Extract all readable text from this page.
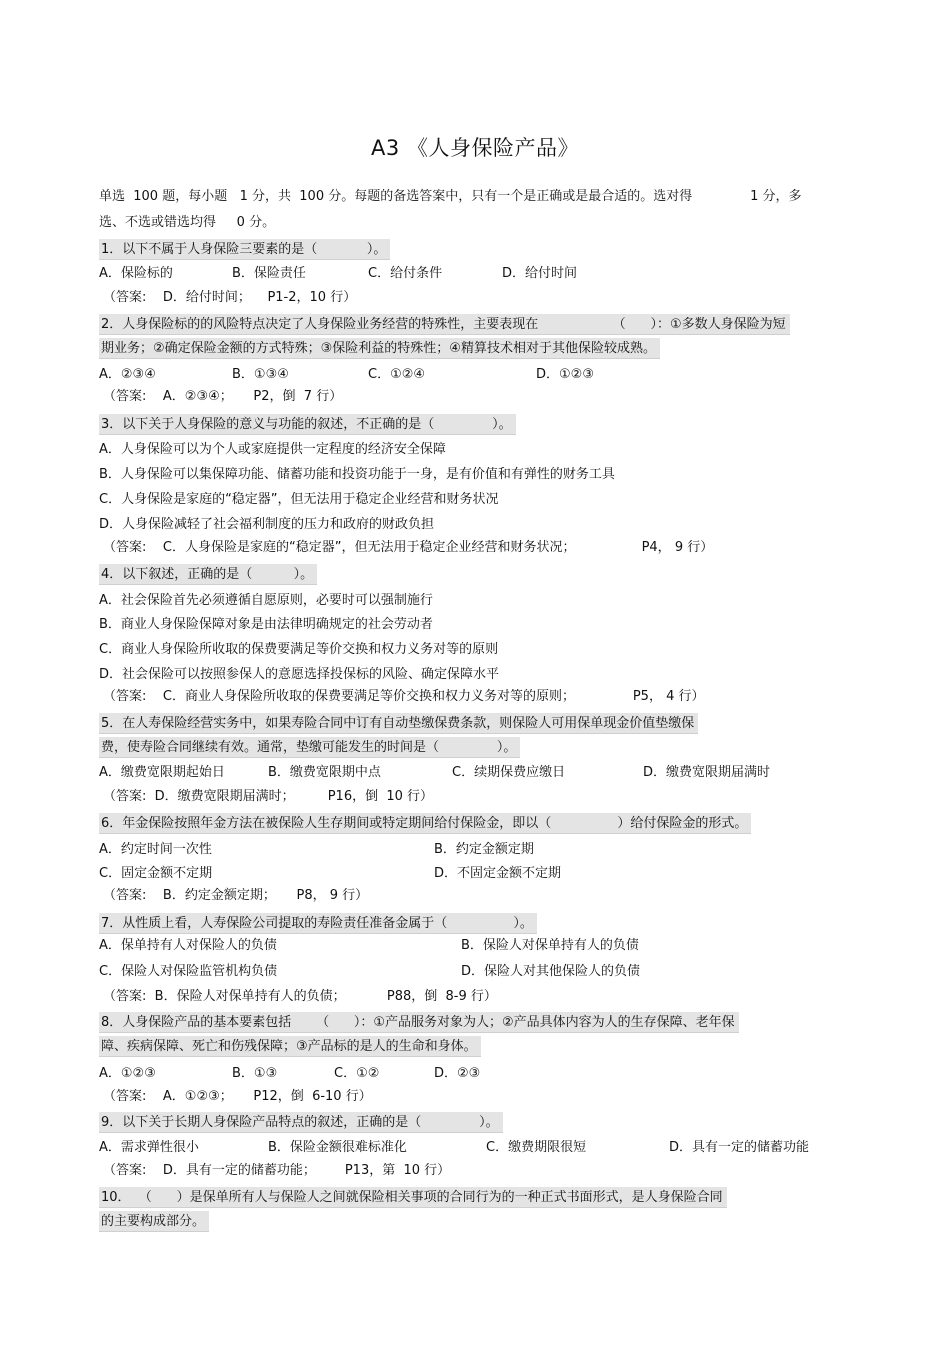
A3 《人身保险产品》
单选  100 题，每小题   1 分，共  100 分。每题的备选答案中，只有一个是正确或是最合适的。选对得              1 分，多
选、不选或错选均得     0 分。
1．以下不属于人身保险三要素的是（            ）。
A．保险标的	B．保险责任	C．给付条件	D．给付时间
（答案:    D．给付时间；    P1-2，10 行）
2．人身保险标的的风险特点决定了人身保险业务经营的特殊性，主要表现在                  （      ）：①多数人身保险为短
期业务；②确定保险金额的方式特殊；③保险利益的特殊性；④精算技术相对于其他保险较成熟。
A．②③④	B．①③④	C．①②④	D．①②③
（答案:    A．②③④；     P2，倒  7 行）
3．以下关于人身保险的意义与功能的叙述，不正确的是（              ）。
A．人身保险可以为个人或家庭提供一定程度的经济安全保障
B．人身保险可以集保障功能、储蓄功能和投资功能于一身，是有价值和有弹性的财务工具
C．人身保险是家庭的“稳定器”，但无法用于稳定企业经营和财务状况
D．人身保险减轻了社会福利制度的压力和政府的财政负担
（答案:    C．人身保险是家庭的“稳定器”，但无法用于稳定企业经营和财务状况；                P4， 9 行）
4．以下叙述，正确的是（          ）。
A．社会保险首先必须遵循自愿原则，必要时可以强制施行
B．商业人身保险保障对象是由法律明确规定的社会劳动者
C．商业人身保险所收取的保费要满足等价交换和权力义务对等的原则
D．社会保险可以按照参保人的意愿选择投保标的风险、确定保障水平
（答案:    C．商业人身保险所收取的保费要满足等价交换和权力义务对等的原则；              P5， 4 行）
5．在人寿保险经营实务中，如果寿险合同中订有自动垫缴保费条款，则保险人可用保单现金价值垫缴保
费，使寿险合同继续有效。通常，垫缴可能发生的时间是（              ）。
A．缴费宽限期起始日	B．缴费宽限期中点	C．续期保费应缴日	D．缴费宽限期届满时
（答案:  D．缴费宽限期届满时；        P16，倒  10 行）
6．年金保险按照年金方法在被保险人生存期间或特定期间给付保险金，即以（                ）给付保险金的形式。
A．约定时间一次性	B．约定金额定期
C．固定金额不定期	D．不固定金额不定期
（答案:    B．约定金额定期；     P8， 9 行）
7．从性质上看，人寿保险公司提取的寿险责任准备金属于（                ）。
A．保单持有人对保险人的负债	B．保险人对保单持有人的负债
C．保险人对保险监管机构负债	D．保险人对其他保险人的负债
（答案:  B．保险人对保单持有人的负债；          P88，倒  8-9 行）
8．人身保险产品的基本要素包括      （      ）：①产品服务对象为人；②产品具体内容为人的生存保障、老年保
障、疾病保障、死亡和伤残保障；③产品标的是人的生命和身体。
A．①②③	B．①③	C．①②	D．②③
（答案:    A．①②③；     P12，倒  6-10 行）
9．以下关于长期人身保险产品特点的叙述，正确的是（              ）。
A．需求弹性很小	B．保险金额很难标准化	C．缴费期限很短	D．具有一定的储蓄功能
（答案:    D．具有一定的储蓄功能；       P13，第  10 行）
10．  （      ）是保单所有人与保险人之间就保险相关事项的合同行为的一种正式书面形式，是人身保险合同
的主要构成部分。
